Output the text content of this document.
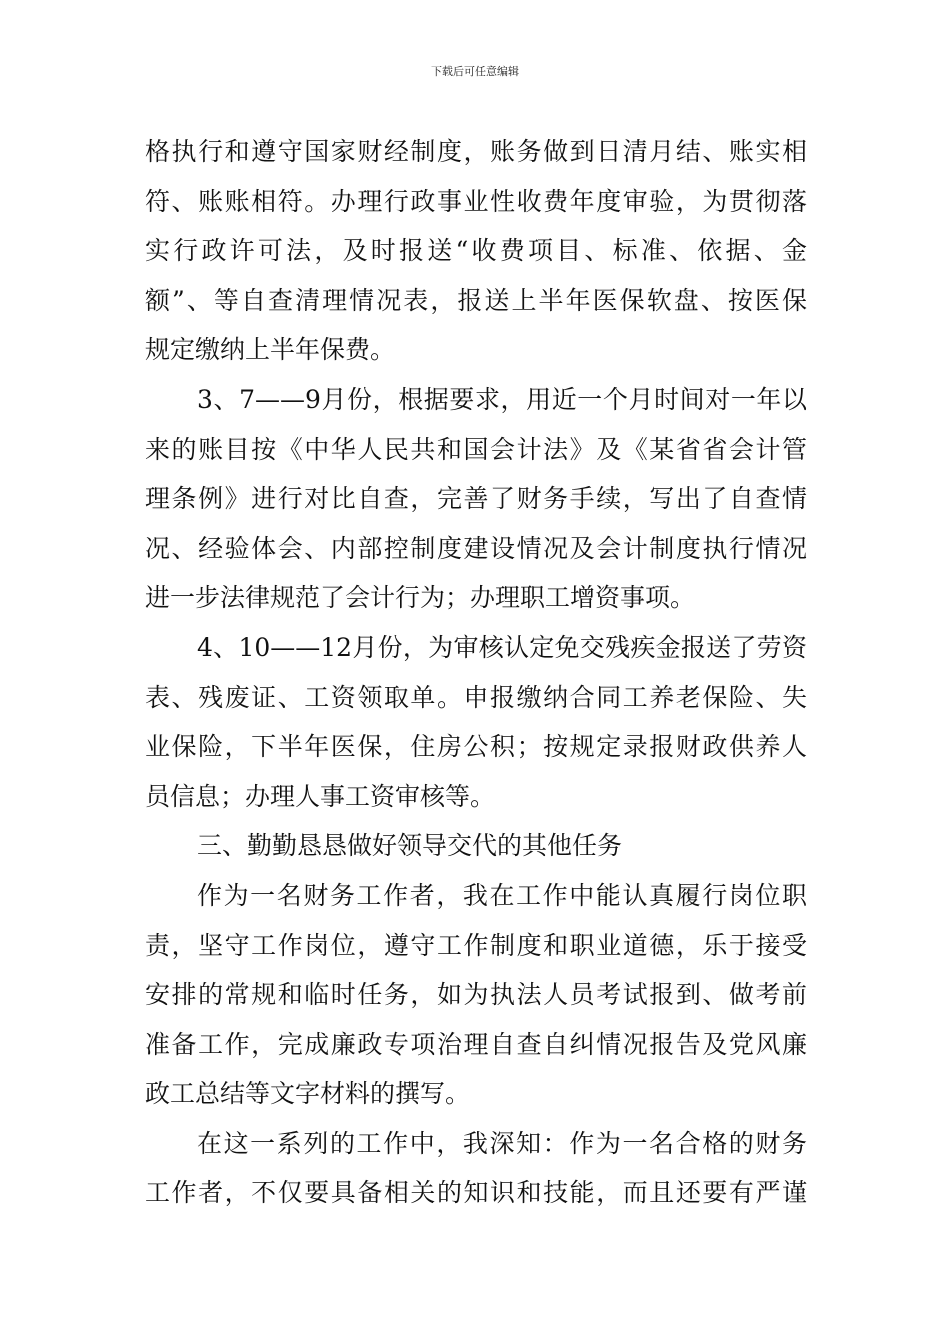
下载后可任意编辑
格执行和遵守国家财经制度，账务做到日清月结、账实相
符、账账相符。办理行政事业性收费年度审验，为贯彻落
实行政许可法，及时报送“收费项目、标准、依据、金
额”、等自查清理情况表，报送上半年医保软盘、按医保
规定缴纳上半年保费。
3、7——9月份，根据要求，用近一个月时间对一年以
来的账目按《中华人民共和国会计法》及《某省省会计管
理条例》进行对比自查，完善了财务手续，写出了自查情
况、经验体会、内部控制度建设情况及会计制度执行情况
进一步法律规范了会计行为；办理职工增资事项。
4、10——12月份，为审核认定免交残疾金报送了劳资
表、残废证、工资领取单。申报缴纳合同工养老保险、失
业保险，下半年医保，住房公积；按规定录报财政供养人
员信息；办理人事工资审核等。
三、勤勤恳恳做好领导交代的其他任务
作为一名财务工作者，我在工作中能认真履行岗位职
责，坚守工作岗位，遵守工作制度和职业道德，乐于接受
安排的常规和临时任务，如为执法人员考试报到、做考前
准备工作，完成廉政专项治理自查自纠情况报告及党风廉
政工总结等文字材料的撰写。
在这一系列的工作中，我深知：作为一名合格的财务
工作者，不仅要具备相关的知识和技能，而且还要有严谨
